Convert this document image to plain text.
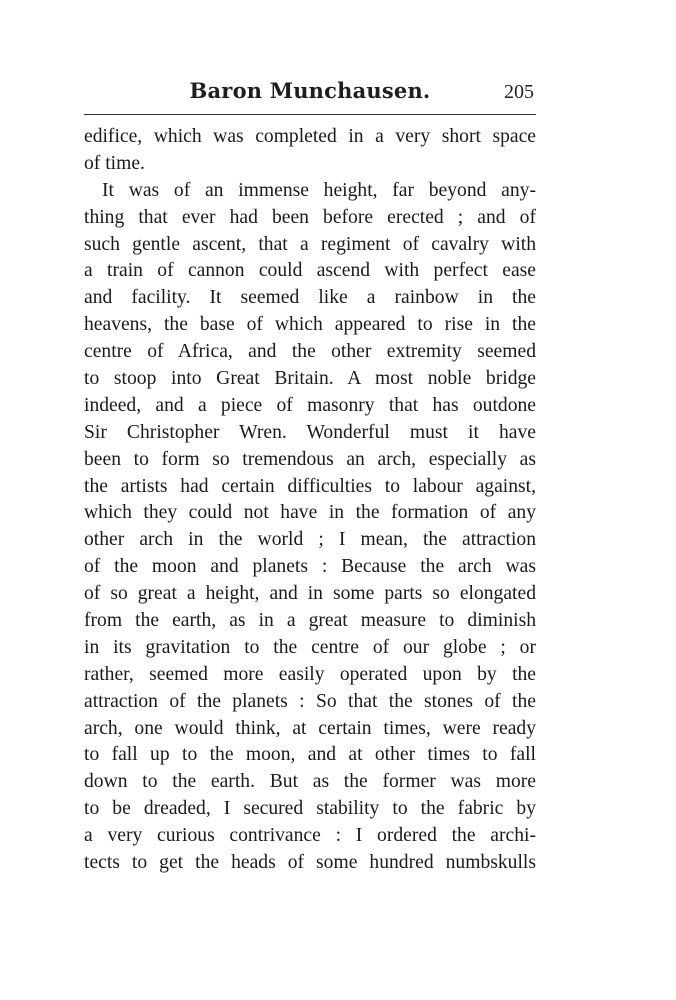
Baron Munchausen.	205
edifice, which was completed in a very short space
of time.
It was of an immense height, far beyond any-
thing that ever had been before erected ; and of
such gentle ascent, that a regiment of cavalry with
a train of cannon could ascend with perfect ease
and facility. It seemed like a rainbow in the
heavens, the base of which appeared to rise in the
centre of Africa, and the other extremity seemed
to stoop into Great Britain. A most noble bridge
indeed, and a piece of masonry that has outdone
Sir Christopher Wren. Wonderful must it have
been to form so tremendous an arch, especially as
the artists had certain difficulties to labour against,
which they could not have in the formation of any
other arch in the world ; I mean, the attraction
of the moon and planets : Because the arch was
of so great a height, and in some parts so elongated
from the earth, as in a great measure to diminish
in its gravitation to the centre of our globe ; or
rather, seemed more easily operated upon by the
attraction of the planets : So that the stones of the
arch, one would think, at certain times, were ready
to fall up to the moon, and at other times to fall
down to the earth. But as the former was more
to be dreaded, I secured stability to the fabric by
a very curious contrivance : I ordered the archi-
tects to get the heads of some hundred numbskulls
